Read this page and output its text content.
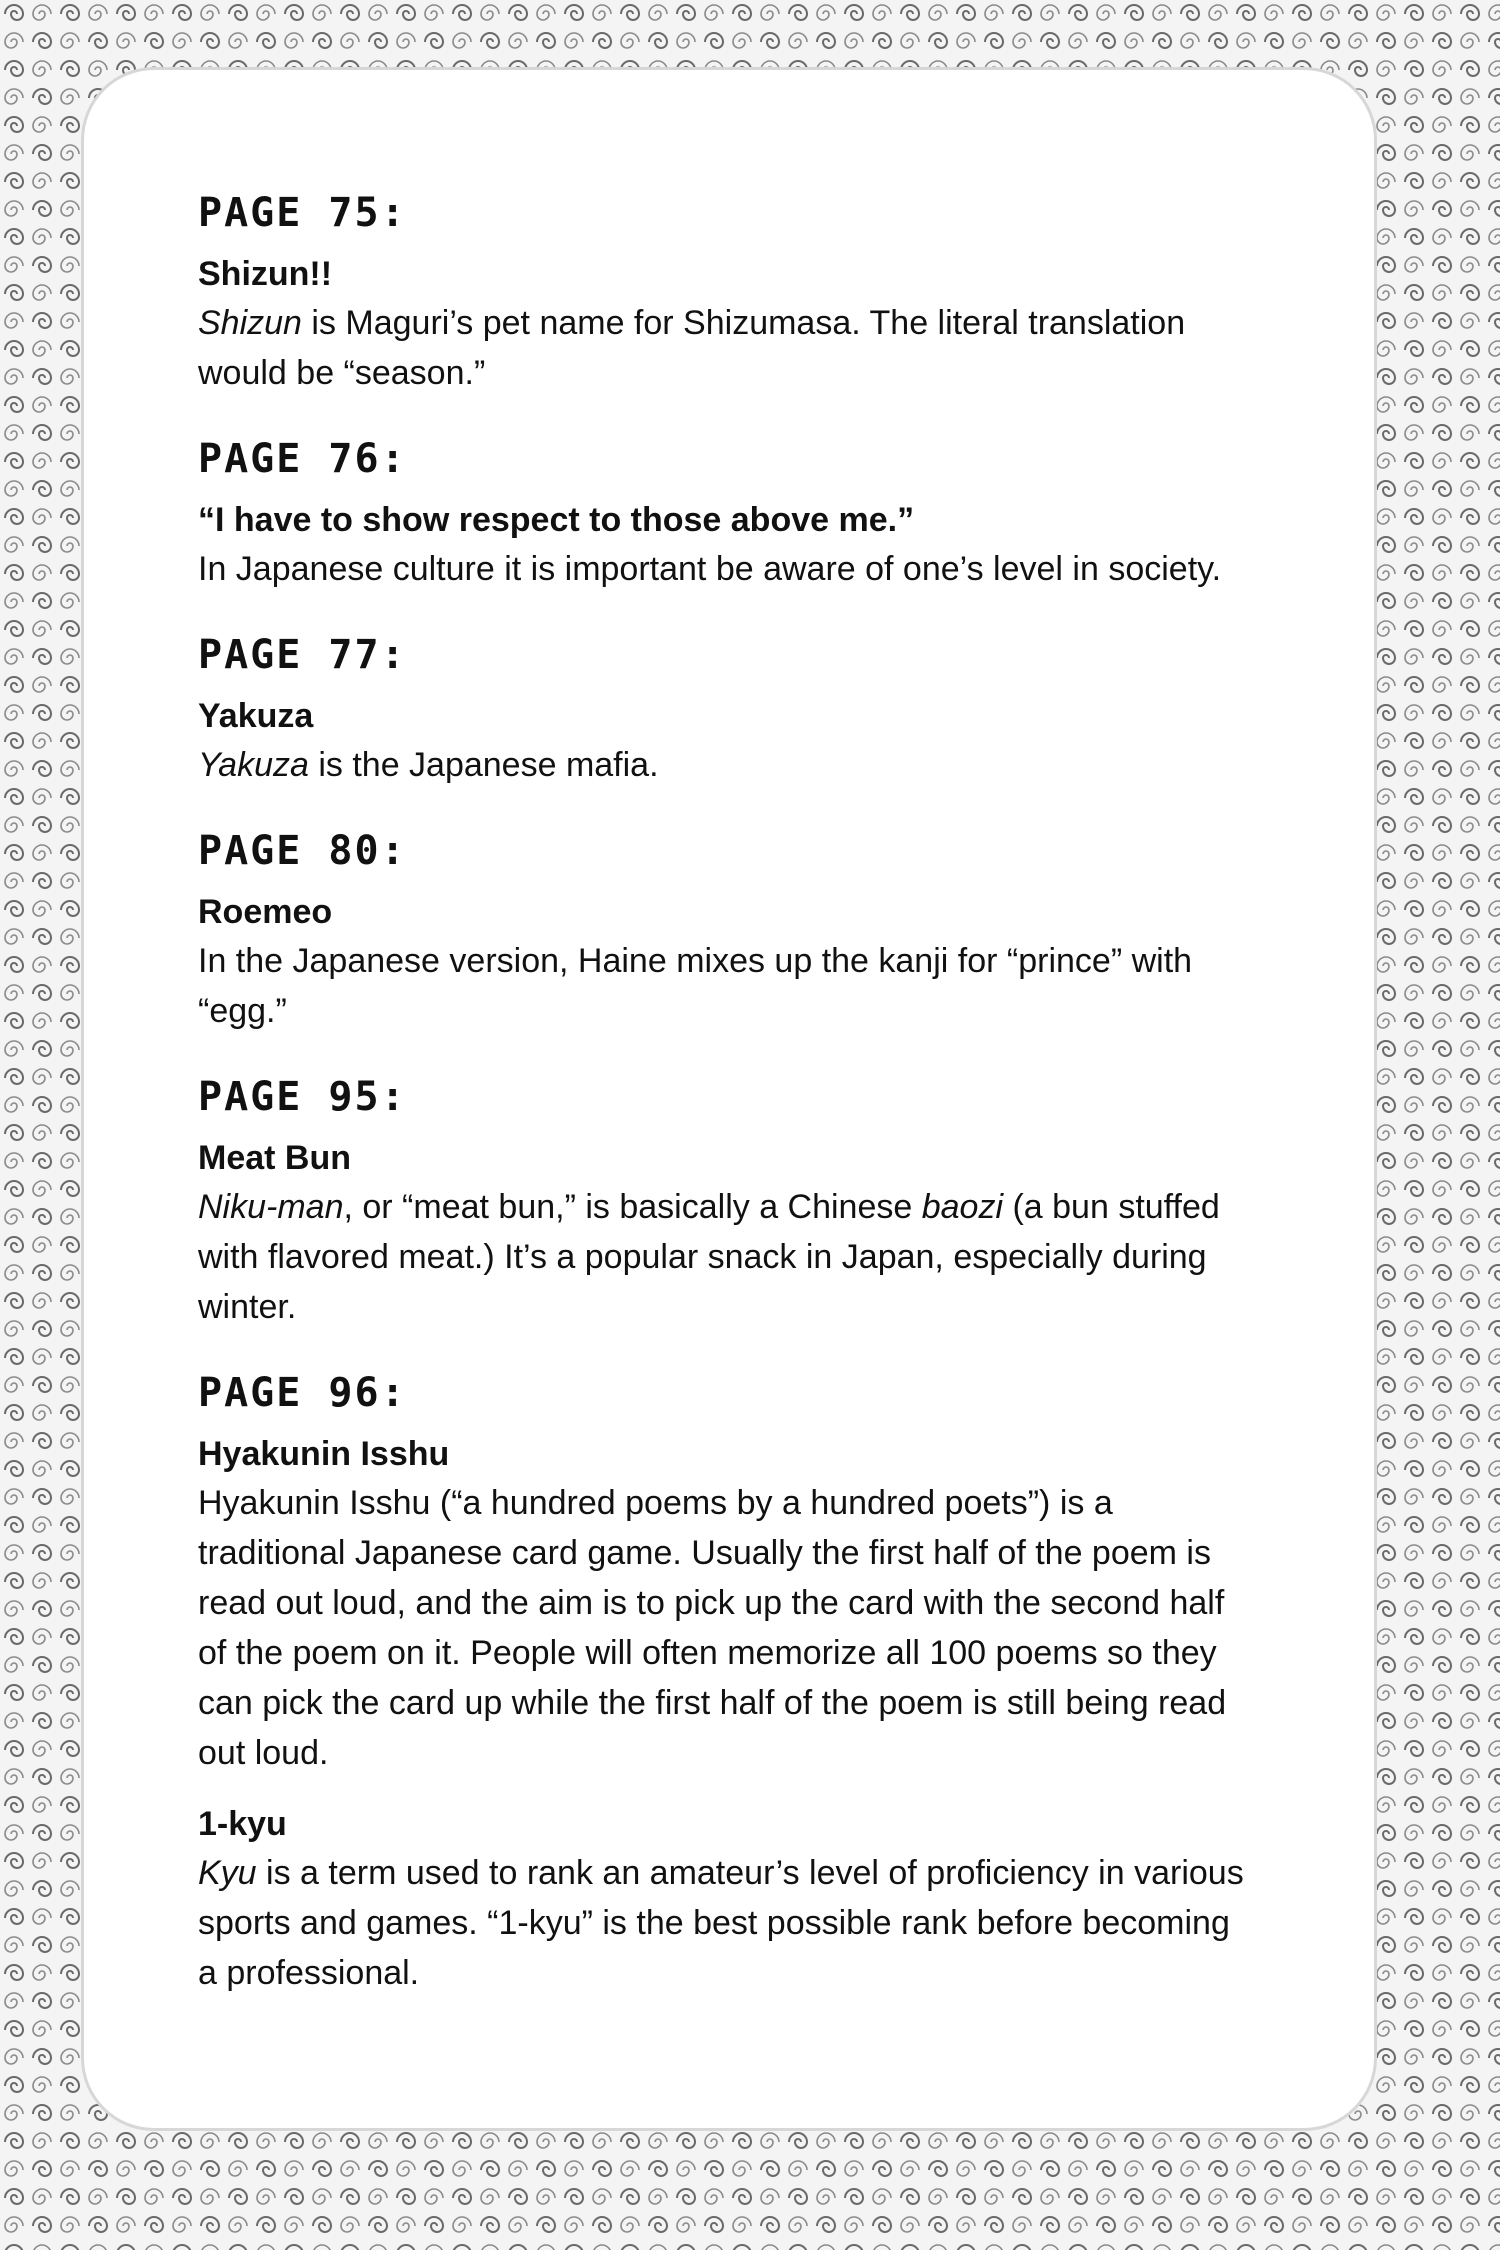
PAGE 75:
Shizun!!
Shizun is Maguri’s pet name for Shizumasa. The literal translation would be “season.”
PAGE 76:
“I have to show respect to those above me.”
In Japanese culture it is important be aware of one’s level in society.
PAGE 77:
Yakuza
Yakuza is the Japanese mafia.
PAGE 80:
Roemeo
In the Japanese version, Haine mixes up the kanji for “prince” with “egg.”
PAGE 95:
Meat Bun
Niku-man, or “meat bun,” is basically a Chinese baozi (a bun stuffed with flavored meat.) It’s a popular snack in Japan, especially during winter.
PAGE 96:
Hyakunin Isshu
Hyakunin Isshu (“a hundred poems by a hundred poets”) is a traditional Japanese card game. Usually the first half of the poem is read out loud, and the aim is to pick up the card with the second half of the poem on it. People will often memorize all 100 poems so they can pick the card up while the first half of the poem is still being read out loud.
1-kyu
Kyu is a term used to rank an amateur’s level of proficiency in various sports and games. “1-kyu” is the best possible rank before becoming a professional.
